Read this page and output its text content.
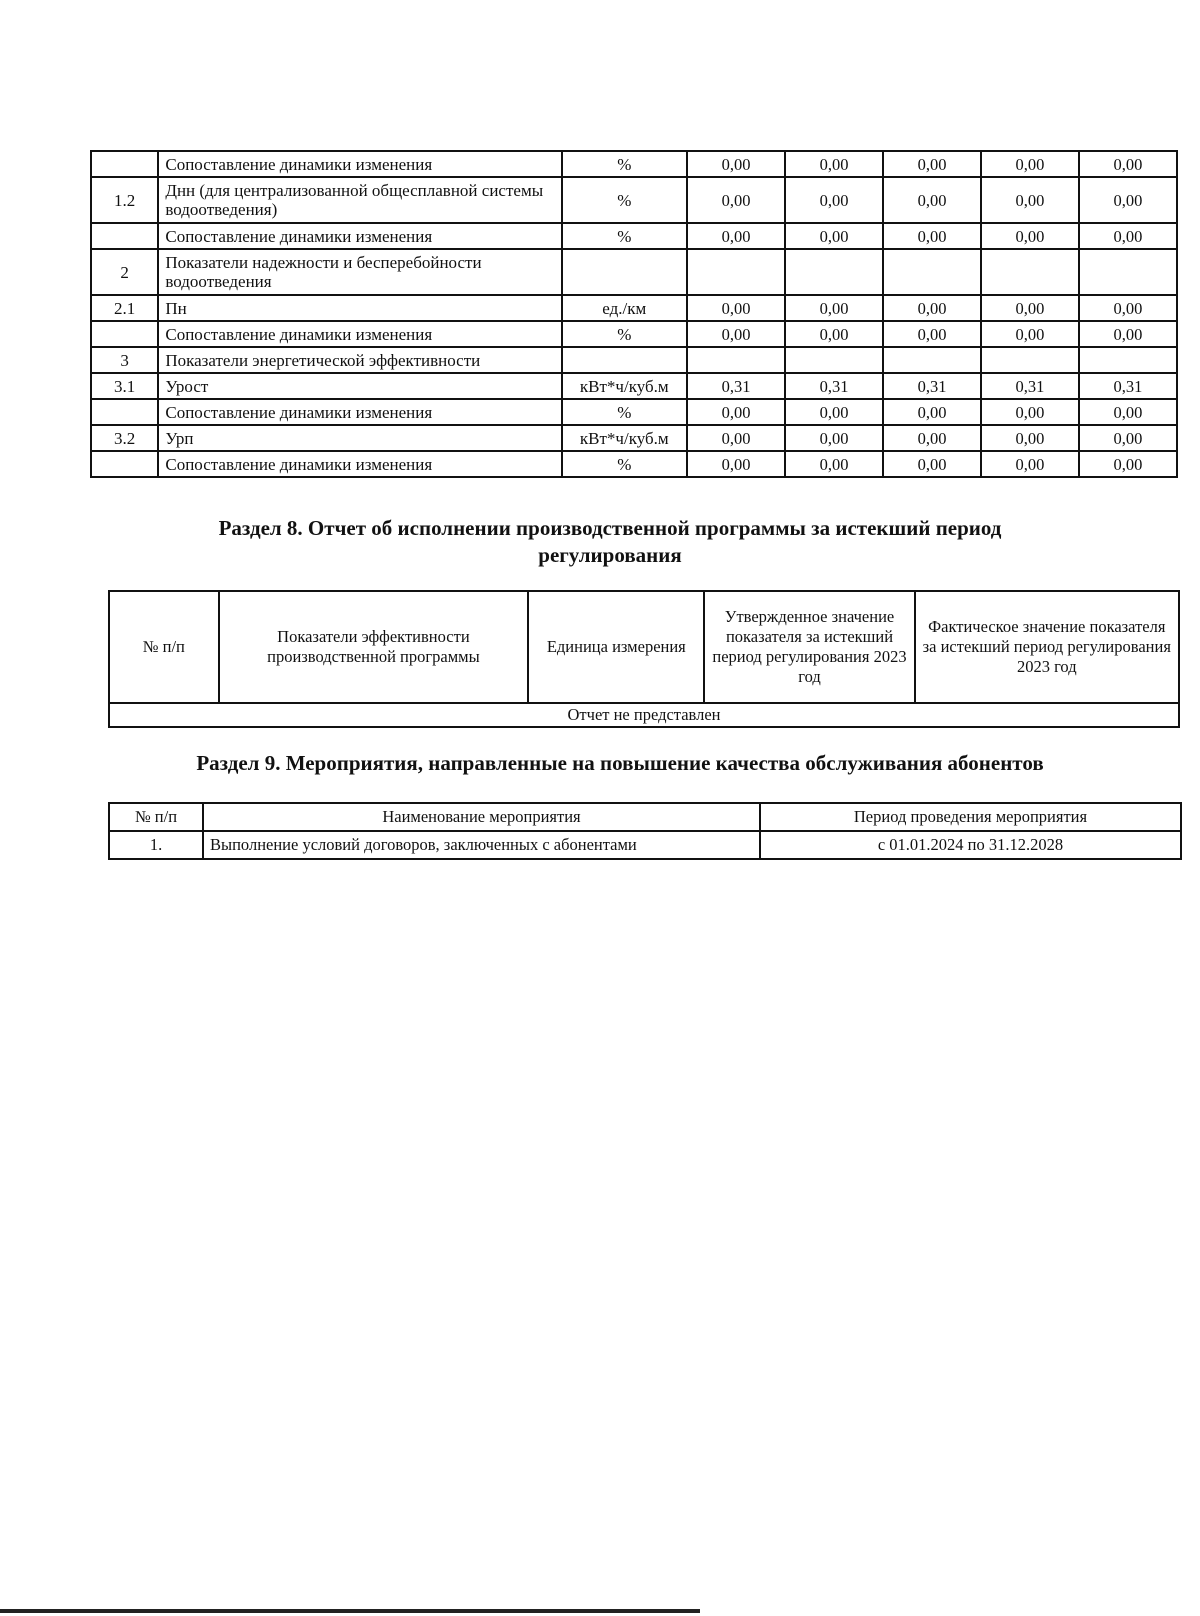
	Сопоставление динамики изменения	%	0,00	0,00	0,00	0,00	0,00
1.2	Днн (для централизованной общесплавной системы водоотведения)	%	0,00	0,00	0,00	0,00	0,00
	Сопоставление динамики изменения	%	0,00	0,00	0,00	0,00	0,00
2	Показатели надежности и бесперебойности водоотведения						
2.1	Пн	ед./км	0,00	0,00	0,00	0,00	0,00
	Сопоставление динамики изменения	%	0,00	0,00	0,00	0,00	0,00
3	Показатели энергетической эффективности						
3.1	Урост	кВт*ч/куб.м	0,31	0,31	0,31	0,31	0,31
	Сопоставление динамики изменения	%	0,00	0,00	0,00	0,00	0,00
3.2	Урп	кВт*ч/куб.м	0,00	0,00	0,00	0,00	0,00
	Сопоставление динамики изменения	%	0,00	0,00	0,00	0,00	0,00
Раздел 8. Отчет об исполнении производственной программы за истекший период регулирования
№ п/п	Показатели эффективности производственной программы	Единица измерения	Утвержденное значение показателя за истекший период регулирования 2023 год	Фактическое значение показателя за истекший период регулирования 2023 год
Отчет не представлен
Раздел 9. Мероприятия, направленные на повышение качества обслуживания абонентов
№ п/п	Наименование мероприятия	Период проведения мероприятия
1.	Выполнение условий договоров, заключенных с абонентами	с 01.01.2024 по 31.12.2028
